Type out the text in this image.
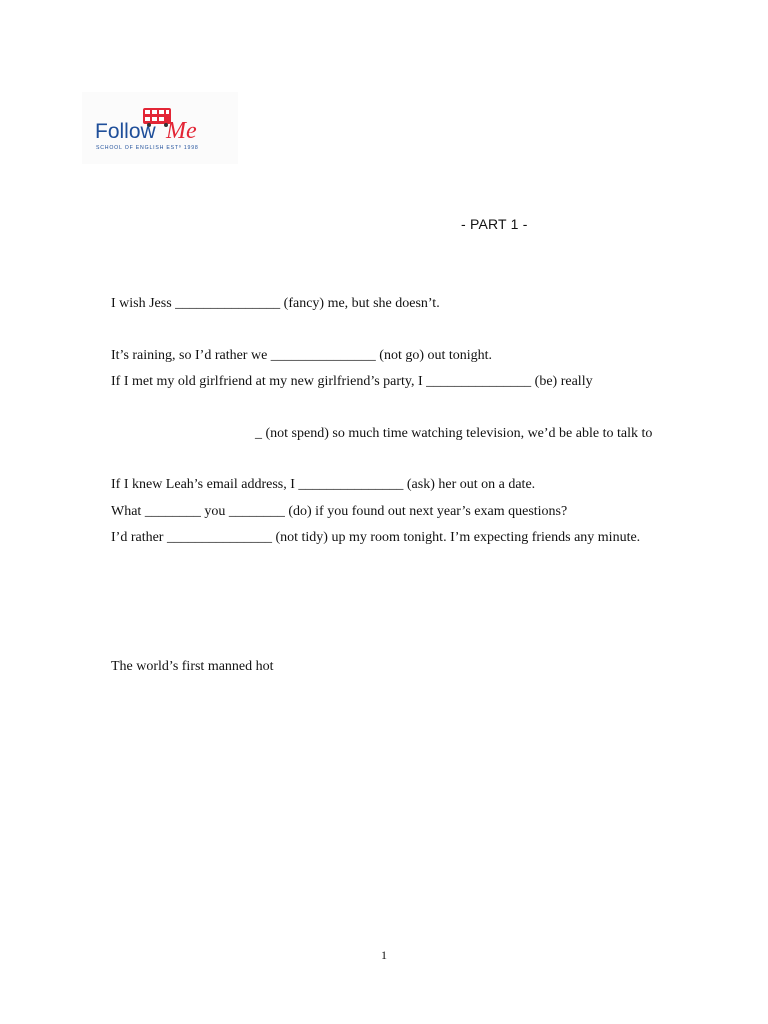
Follow Me
SCHOOL OF ENGLISH ESTº 1998
- PART 1 -
I wish Jess _______________ (fancy) me, but she doesn’t.
It’s raining, so I’d rather we _______________ (not go) out tonight.
If I met my old girlfriend at my new girlfriend’s party, I _______________ (be) really
_ (not spend) so much time watching television, we’d be able to talk to
If I knew Leah’s email address, I _______________ (ask) her out on a date.
What ________ you ________ (do) if you found out next year’s exam questions?
I’d rather _______________ (not tidy) up my room tonight. I’m expecting friends any minute.
The world’s first manned hot
1
